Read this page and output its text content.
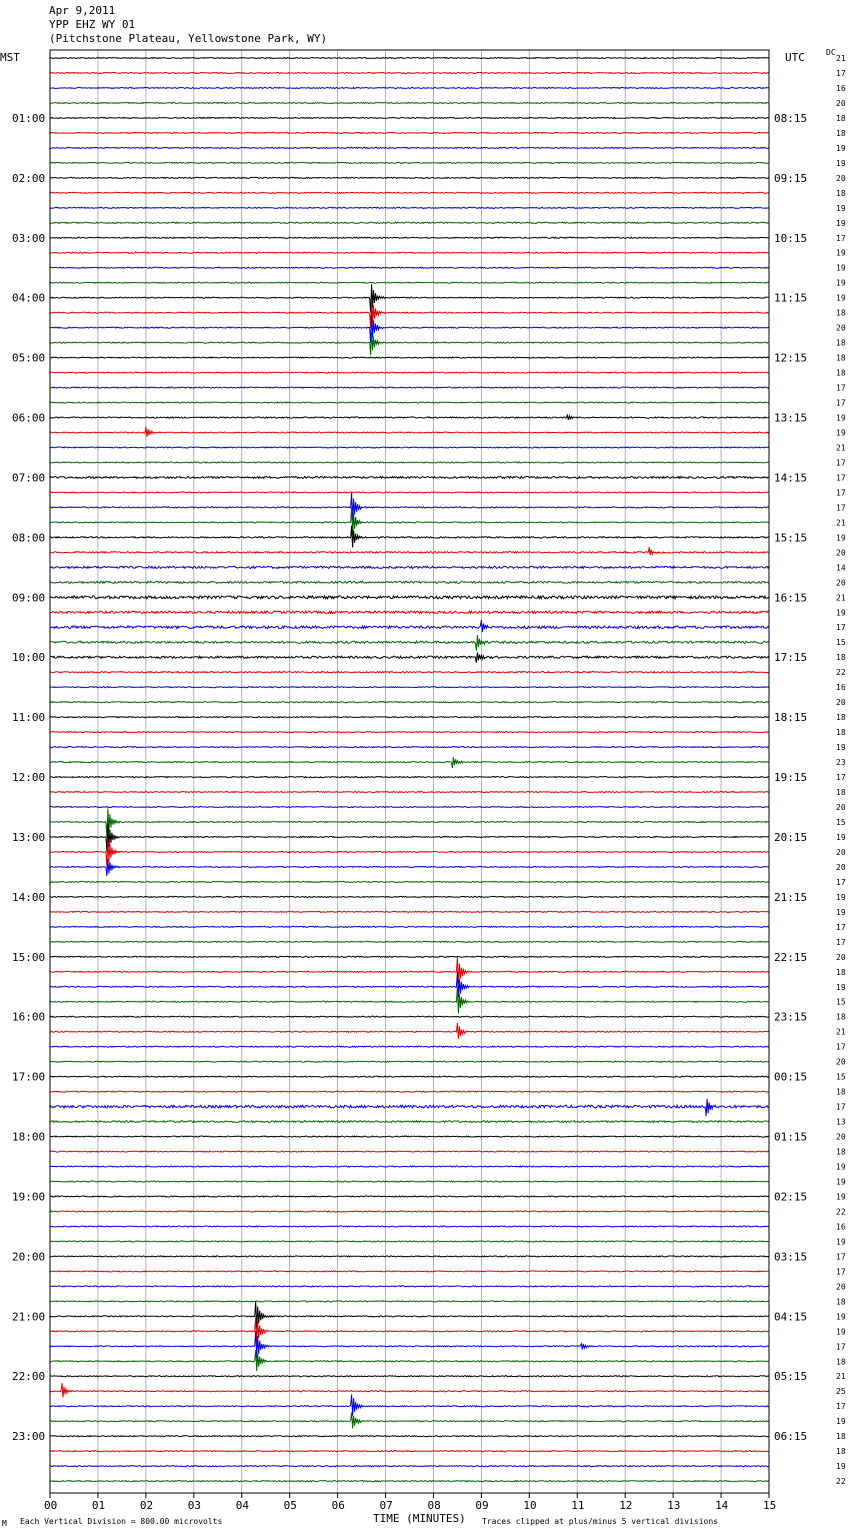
Apr 9,2011
YPP EHZ WY 01
(Pitchstone Plateau, Yellowstone Park, WY)
01:00
02:00
03:00
04:00
05:00
06:00
07:00
08:00
09:00
10:00
11:00
12:00
13:00
14:00
15:00
16:00
17:00
18:00
19:00
20:00
21:00
22:00
23:00
08:15
09:15
10:15
11:15
12:15
13:15
14:15
15:15
16:15
17:15
18:15
19:15
20:15
21:15
22:15
23:15
00:15
01:15
02:15
03:15
04:15
05:15
06:15
21
17
16
20
18
18
19
19
20
18
19
19
17
19
19
19
19
18
20
18
18
18
17
17
19
19
21
17
17
17
17
21
19
20
14
20
21
19
17
15
18
22
16
20
18
18
19
23
17
18
20
15
19
20
20
17
19
19
17
17
20
18
19
15
18
21
17
20
15
18
17
13
20
18
19
19
19
22
16
19
17
17
20
18
19
19
17
18
21
25
17
19
18
18
19
22
00	01	02	03	04	05	06	07	08	09	10	11	12	13	14	15
MST	UTC	DC
TIME (MINUTES)
Each Vertical Division = 800.00 microvolts	Traces clipped at plus/minus 5 vertical divisions
M
